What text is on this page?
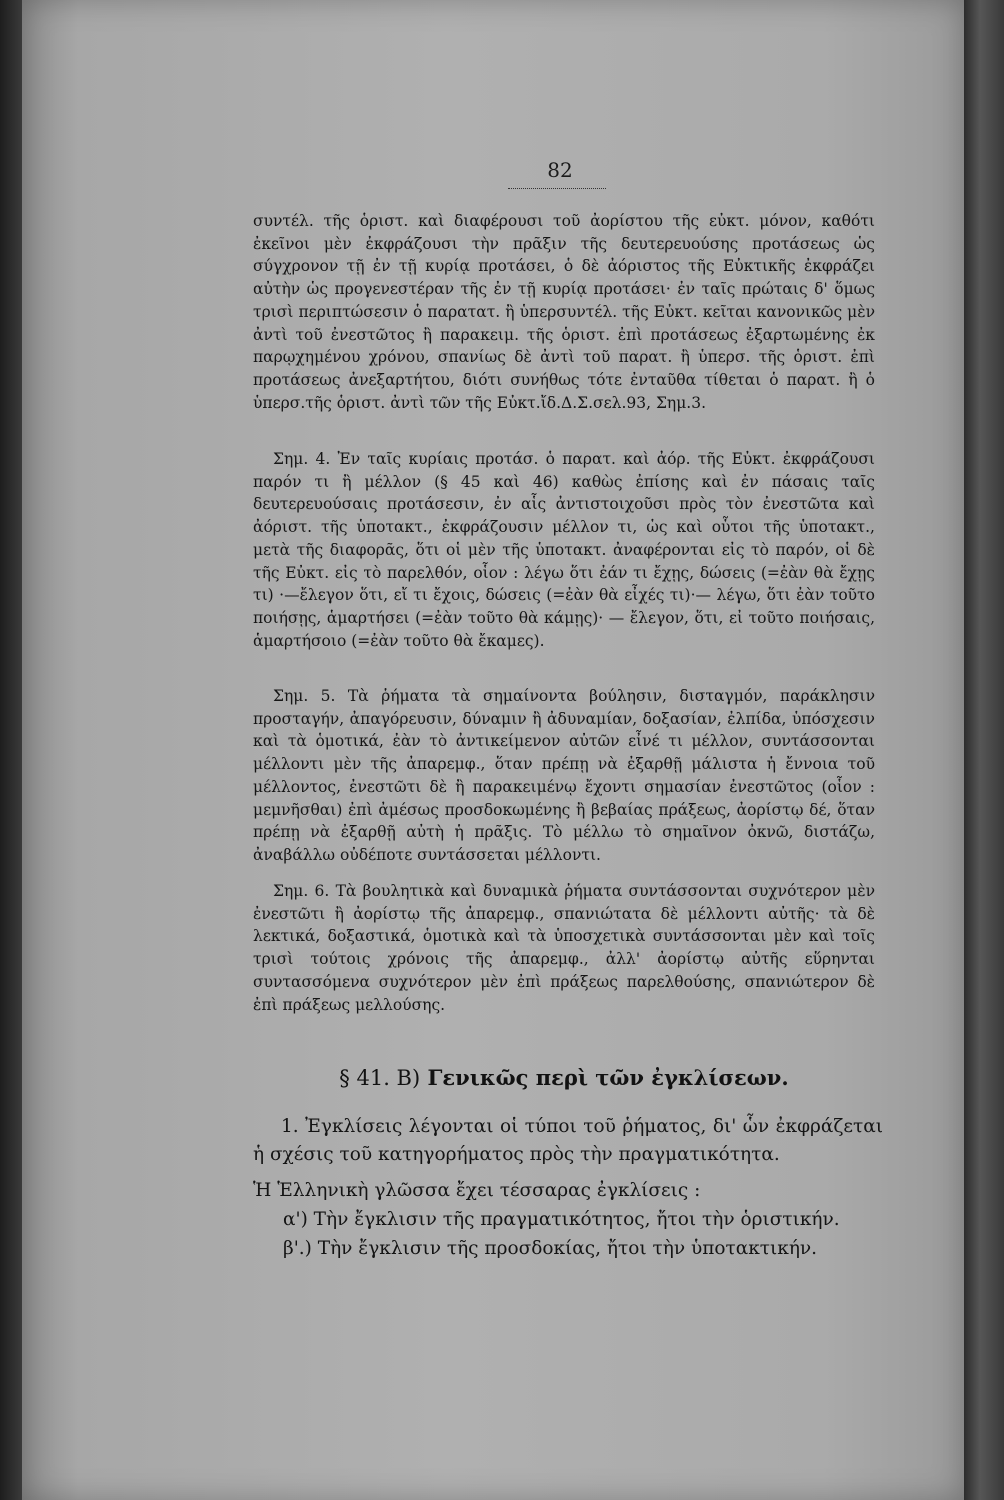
82

συντέλ. τῆς ὁριστ. καὶ διαφέρουσι τοῦ ἀορίστου τῆς εὐκτ. μόνον, καθότι ἐκεῖνοι μὲν ἐκφράζουσι τὴν πρᾶξιν τῆς δευτερευούσης προτάσεως ὡς σύγχρονον τῇ ἐν τῇ κυρίᾳ προτάσει, ὁ δὲ ἀόριστος τῆς Εὐκτικῆς ἐκφράζει αὐτὴν ὡς προγενεστέραν τῆς ἐν τῇ κυρίᾳ προτάσει· ἐν ταῖς πρώταις δ' ὅμως τρισὶ περιπτώσεσιν ὁ παρατατ. ἢ ὑπερσυντέλ. τῆς Εὐκτ. κεῖται κανονικῶς μὲν ἀντὶ τοῦ ἐνεστῶτος ἢ παρακειμ. τῆς ὁριστ. ἐπὶ προτάσεως ἐξαρτωμένης ἐκ παρῳχημένου χρόνου, σπανίως δὲ ἀντὶ τοῦ παρατ. ἢ ὑπερσ. τῆς ὁριστ. ἐπὶ προτάσεως ἀνεξαρτήτου, διότι συνήθως τότε ἐνταῦθα τίθεται ὁ παρατ. ἢ ὁ ὑπερσ.τῆς ὁριστ. ἀντὶ τῶν τῆς Εὐκτ.ἴδ.Δ.Σ.σελ.93, Σημ.3.

Σημ. 4. Ἐν ταῖς κυρίαις προτάσ. ὁ παρατ. καὶ ἀόρ. τῆς Εὐκτ. ἐκφράζουσι παρόν τι ἢ μέλλον (§ 45 καὶ 46) καθὼς ἐπίσης καὶ ἐν πάσαις ταῖς δευτερευούσαις προτάσεσιν, ἐν αἷς ἀντιστοιχοῦσι πρὸς τὸν ἐνεστῶτα καὶ ἀόριστ. τῆς ὑποτακτ., ἐκφράζουσιν μέλλον τι, ὡς καὶ οὗτοι τῆς ὑποτακτ., μετὰ τῆς διαφορᾶς, ὅτι οἱ μὲν τῆς ὑποτακτ. ἀναφέρονται εἰς τὸ παρόν, οἱ δὲ τῆς Εὐκτ. εἰς τὸ παρελθόν, οἷον : λέγω ὅτι ἐάν τι ἔχῃς, δώσεις (=ἐὰν θὰ ἔχῃς τι) ·—ἔλεγον ὅτι, εἴ τι ἔχοις, δώσεις (=ἐὰν θὰ εἶχές τι)·— λέγω, ὅτι ἐὰν τοῦτο ποιήσῃς, ἁμαρτήσει (=ἐὰν τοῦτο θὰ κάμῃς)· — ἔλεγον, ὅτι, εἰ τοῦτο ποιήσαις, ἁμαρτήσοιο (=ἐὰν τοῦτο θὰ ἔκαμες).

Σημ. 5. Τὰ ῥήματα τὰ σημαίνοντα βούλησιν, δισταγμόν, παράκλησιν προσταγήν, ἀπαγόρευσιν, δύναμιν ἢ ἀδυναμίαν, δοξασίαν, ἐλπίδα, ὑπόσχεσιν καὶ τὰ ὁμοτικά, ἐὰν τὸ ἀντικείμενον αὐτῶν εἶνέ τι μέλλον, συντάσσονται μέλλοντι μὲν τῆς ἀπαρεμφ., ὅταν πρέπῃ νὰ ἐξαρθῇ μάλιστα ἡ ἔννοια τοῦ μέλλοντος, ἐνεστῶτι δὲ ἢ παρακειμένῳ ἔχοντι σημασίαν ἐνεστῶτος (οἷον : μεμνῆσθαι) ἐπὶ ἀμέσως προσδοκωμένης ἢ βεβαίας πράξεως, ἀορίστῳ δέ, ὅταν πρέπῃ νὰ ἐξαρθῇ αὐτὴ ἡ πρᾶξις. Τὸ μέλλω τὸ σημαῖνον ὀκνῶ, διστάζω, ἀναβάλλω οὐδέποτε συντάσσεται μέλλοντι.

Σημ. 6. Τὰ βουλητικὰ καὶ δυναμικὰ ῥήματα συντάσσονται συχνότερον μὲν ἐνεστῶτι ἢ ἀορίστῳ τῆς ἀπαρεμφ., σπανιώτατα δὲ μέλλοντι αὐτῆς· τὰ δὲ λεκτικά, δοξαστικά, ὁμοτικὰ καὶ τὰ ὑποσχετικὰ συντάσσονται μὲν καὶ τοῖς τρισὶ τούτοις χρόνοις τῆς ἀπαρεμφ., ἀλλ' ἀορίστῳ αὐτῆς εὕρηνται συντασσόμενα συχνότερον μὲν ἐπὶ πράξεως παρελθούσης, σπανιώτερον δὲ ἐπὶ πράξεως μελλούσης.

§ 41. B) Γενικῶς περὶ τῶν ἐγκλίσεων.
1. Ἐγκλίσεις λέγονται οἱ τύποι τοῦ ῥήματος, δι' ὧν ἐκφράζεται ἡ σχέσις τοῦ κατηγορήματος πρὸς τὴν πραγματικότητα.
Ἡ Ἑλληνικὴ γλῶσσα ἔχει τέσσαρας ἐγκλίσεις :
α') Τὴν ἔγκλισιν τῆς πραγματικότητος, ἤτοι τὴν ὁριστικήν.
β'.) Τὴν ἔγκλισιν τῆς προσδοκίας, ἤτοι τὴν ὑποτακτικήν.
